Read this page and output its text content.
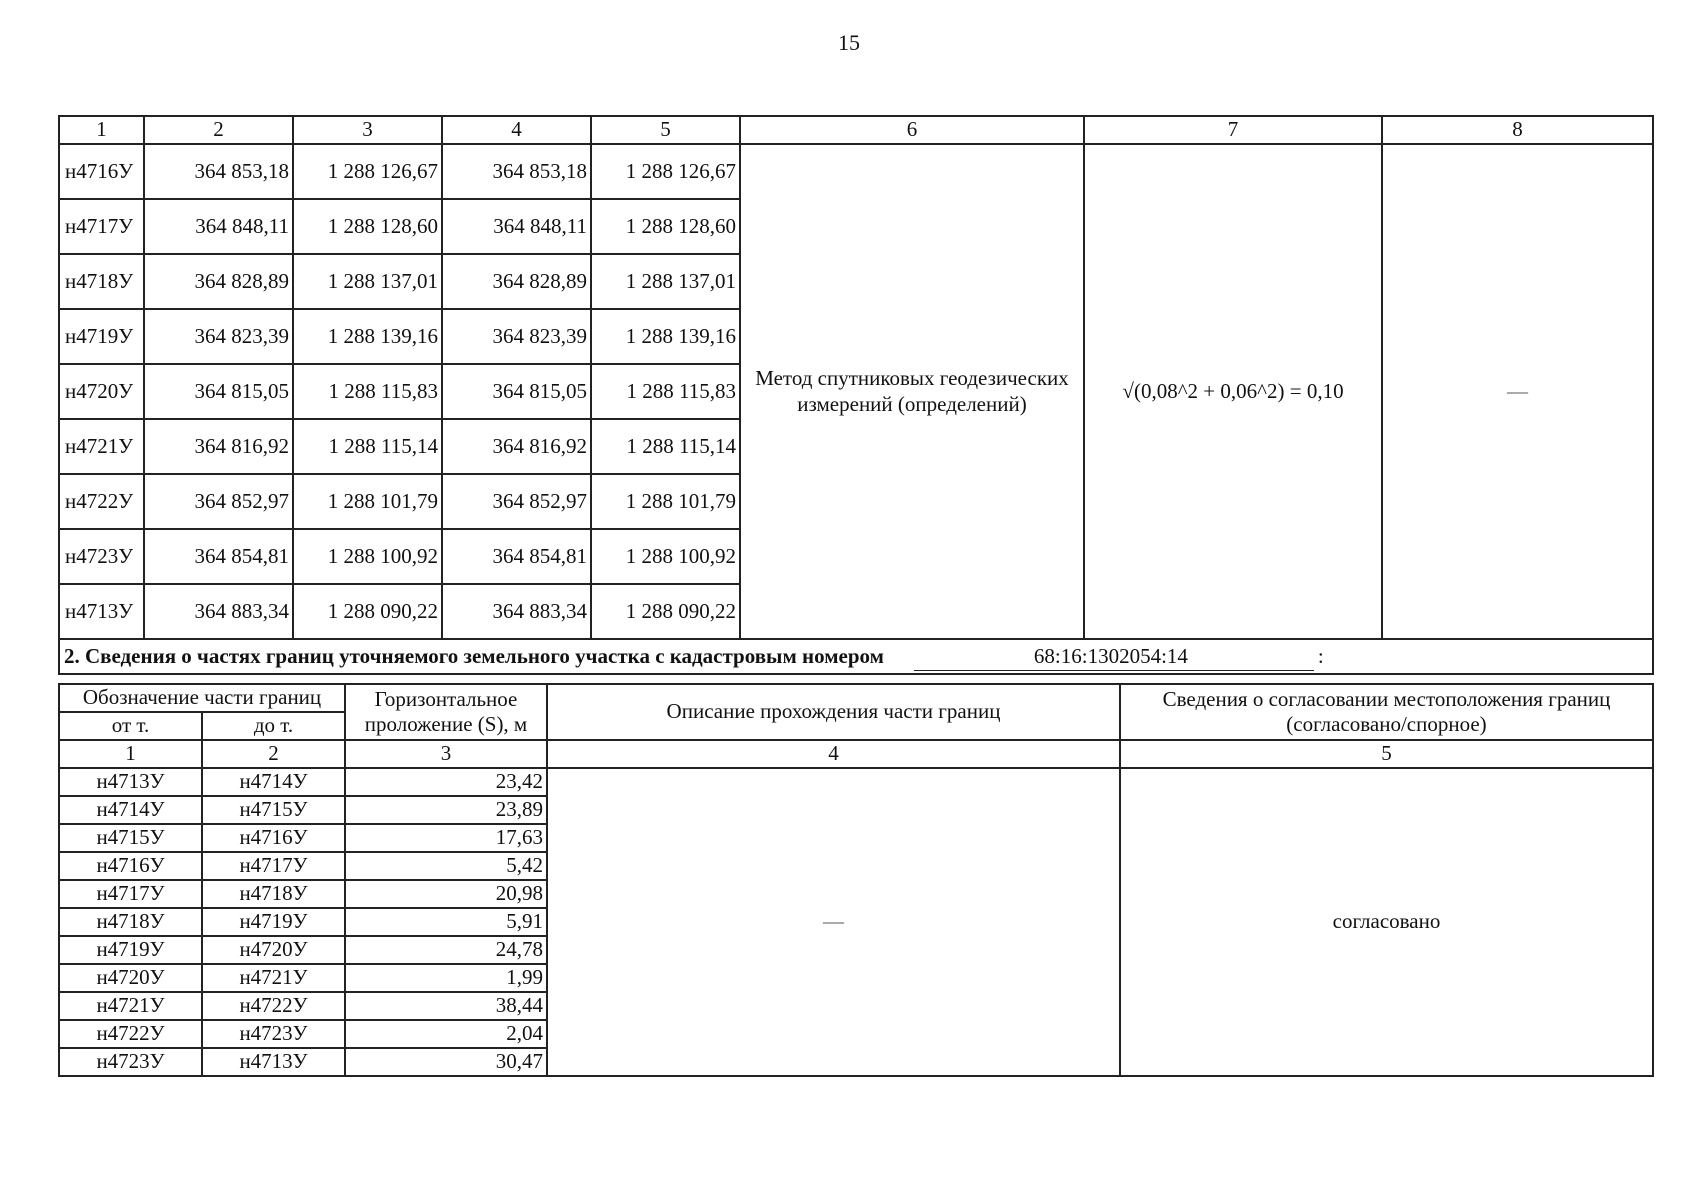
15
1	2	3	4	5	6	7	8
н4716У	364 853,18	1 288 126,67	364 853,18	1 288 126,67	Метод спутниковых геодезических измерений (определений)	√(0,08^2 + 0,06^2) = 0,10	—
н4717У	364 848,11	1 288 128,60	364 848,11	1 288 128,60			
н4718У	364 828,89	1 288 137,01	364 828,89	1 288 137,01			
н4719У	364 823,39	1 288 139,16	364 823,39	1 288 139,16			
н4720У	364 815,05	1 288 115,83	364 815,05	1 288 115,83			
н4721У	364 816,92	1 288 115,14	364 816,92	1 288 115,14			
н4722У	364 852,97	1 288 101,79	364 852,97	1 288 101,79			
н4723У	364 854,81	1 288 100,92	364 854,81	1 288 100,92			
н4713У	364 883,34	1 288 090,22	364 883,34	1 288 090,22			

2. Сведения о частях границ уточняемого земельного участка с кадастровым номером 68:16:1302054:14 :							
Обозначение части границ		Горизонтальное проложение (S), м	Описание прохождения части границ	Сведения о согласовании местоположения границ (согласовано/спорное)
от т.	до т.			
1	2	3	4	5
н4713У	н4714У	23,42	—	согласовано
н4714У	н4715У	23,89		
н4715У	н4716У	17,63		
н4716У	н4717У	5,42		
н4717У	н4718У	20,98		
н4718У	н4719У	5,91		
н4719У	н4720У	24,78		
н4720У	н4721У	1,99		
н4721У	н4722У	38,44		
н4722У	н4723У	2,04		
н4723У	н4713У	30,47		
